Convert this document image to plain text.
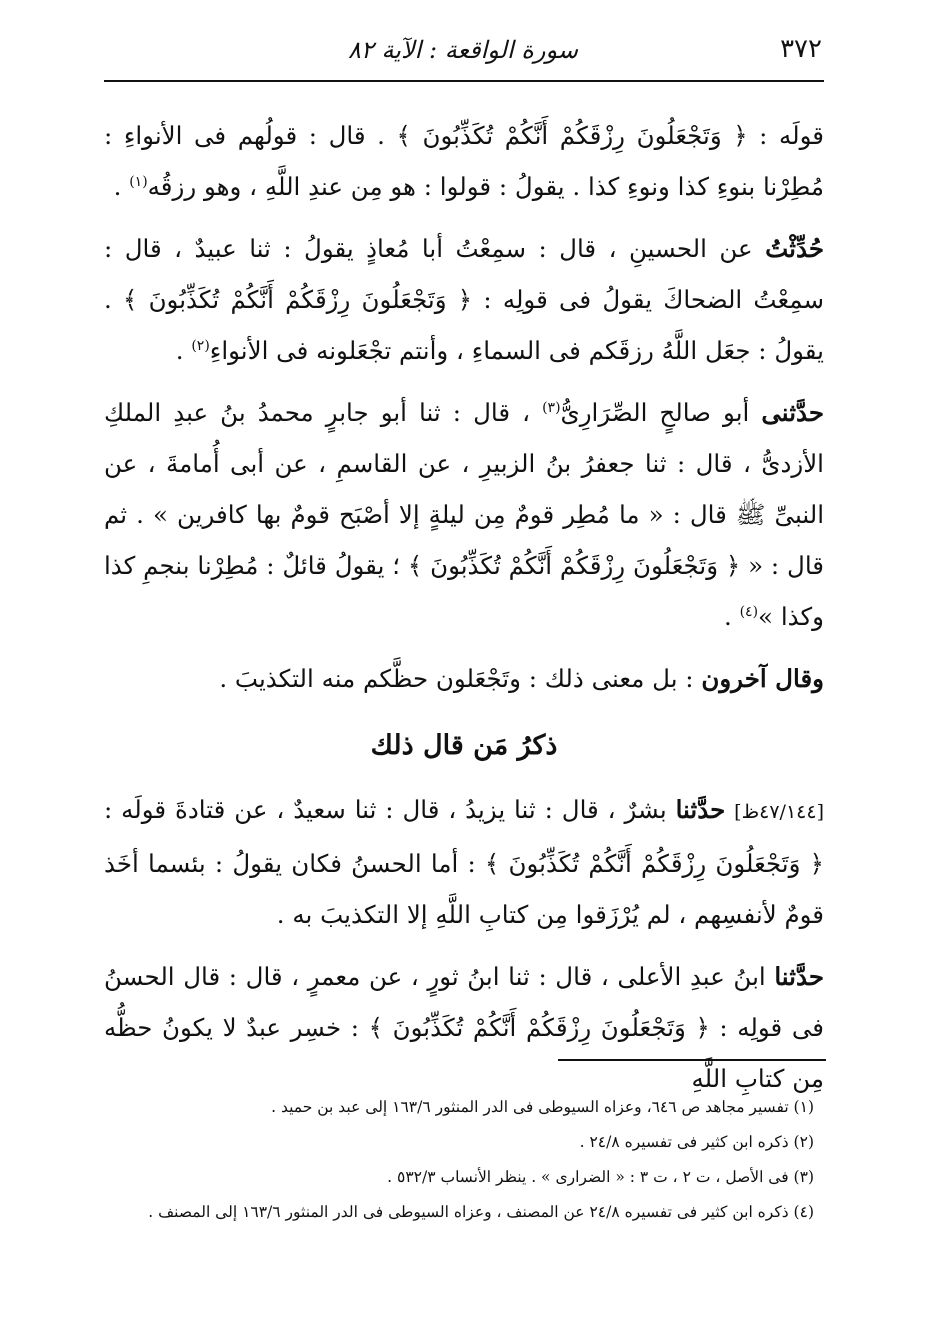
٣٧٢
سورة الواقعة : الآية ٨٢

قولَه : ﴿ وَتَجْعَلُونَ رِزْقَكُمْ أَنَّكُمْ تُكَذِّبُونَ ﴾ . قال : قولُهم فى الأنواءِ : مُطِرْنا بنوءِ كذا ونوءِ كذا . يقولُ : قولوا : هو مِن عندِ اللَّهِ ، وهو رزقُه$^{(١)}$ .

حُدِّثْتُ عن الحسينِ ، قال : سمِعْتُ أبا مُعاذٍ يقولُ : ثنا عبيدٌ ، قال : سمِعْتُ الضحاكَ يقولُ فى قولِه : ﴿ وَتَجْعَلُونَ رِزْقَكُمْ أَنَّكُمْ تُكَذِّبُونَ ﴾ . يقولُ : جعَل اللَّهُ رزقَكم فى السماءِ ، وأنتم تجْعَلونه فى الأنواءِ$^{(٢)}$ .

حدَّثنى أبو صالحٍ الصِّرَارِىُّ$^{(٣)}$ ، قال : ثنا أبو جابرٍ محمدُ بنُ عبدِ الملكِ الأزدىُّ ، قال : ثنا جعفرُ بنُ الزبيرِ ، عن القاسمِ ، عن أبى أُمامةَ ، عن النبىِّ ﷺ قال : « ما مُطِر قومٌ مِن ليلةٍ إلا أصْبَح قومٌ بها كافرين » . ثم قال : « ﴿ وَتَجْعَلُونَ رِزْقَكُمْ أَنَّكُمْ تُكَذِّبُونَ ﴾ ؛ يقولُ قائلٌ : مُطِرْنا بنجمِ كذا وكذا »$^{(٤)}$ .

وقال آخرون : بل معنى ذلك : وتَجْعَلون حظَّكم منه التكذيبَ .

ذكرُ مَن قال ذلك

[٤٧/١٤٤ظ] حدَّثنا بشرٌ ، قال : ثنا يزيدُ ، قال : ثنا سعيدٌ ، عن قتادةَ قولَه : ﴿ وَتَجْعَلُونَ رِزْقَكُمْ أَنَّكُمْ تُكَذِّبُونَ ﴾ : أما الحسنُ فكان يقولُ : بئسما أخَذ قومٌ لأنفسِهم ، لم يُرْزَقوا مِن كتابِ اللَّهِ إلا التكذيبَ به .

حدَّثنا ابنُ عبدِ الأعلى ، قال : ثنا ابنُ ثورٍ ، عن معمرٍ ، قال : قال الحسنُ فى قولِه : ﴿ وَتَجْعَلُونَ رِزْقَكُمْ أَنَّكُمْ تُكَذِّبُونَ ﴾ : خسِر عبدٌ لا يكونُ حظُّه مِن كتابِ اللَّهِ

(١) تفسير مجاهد ص ٦٤٦، وعزاه السيوطى فى الدر المنثور ١٦٣/٦ إلى عبد بن حميد .

(٢) ذكره ابن كثير فى تفسيره ٢٤/٨ .

(٣) فى الأصل ، ت ٢ ، ت ٣ : « الضرارى » . ينظر الأنساب ٥٣٢/٣ .

(٤) ذكره ابن كثير فى تفسيره ٢٤/٨ عن المصنف ، وعزاه السيوطى فى الدر المنثور ١٦٣/٦ إلى المصنف .
